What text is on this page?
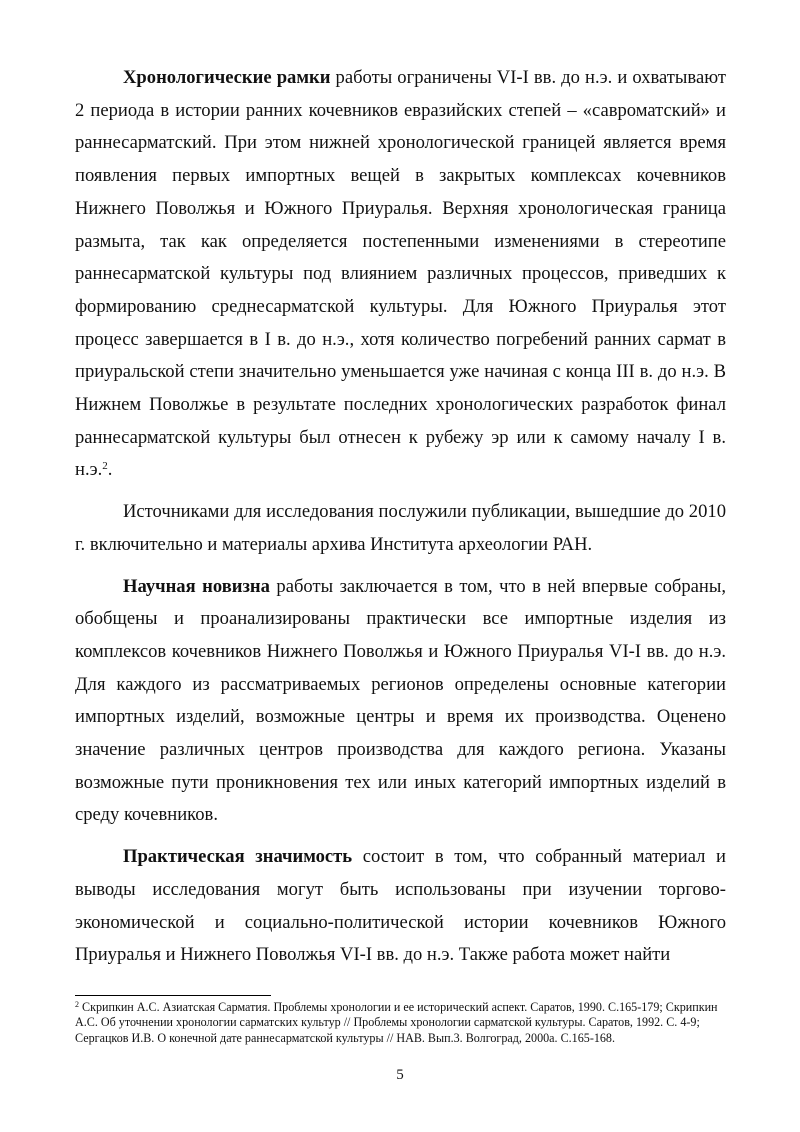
Хронологические рамки работы ограничены VI-I вв. до н.э. и охватывают 2 периода в истории ранних кочевников евразийских степей – «савроматский» и раннесарматский. При этом нижней хронологической границей является время появления первых импортных вещей в закрытых комплексах кочевников Нижнего Поволжья и Южного Приуралья. Верхняя хронологическая граница размыта, так как определяется постепенными изменениями в стереотипе раннесарматской культуры под влиянием различных процессов, приведших к формированию среднесарматской культуры. Для Южного Приуралья этот процесс завершается в I в. до н.э., хотя количество погребений ранних сармат в приуральской степи значительно уменьшается уже начиная с конца III в. до н.э. В Нижнем Поволжье в результате последних хронологических разработок финал раннесарматской культуры был отнесен к рубежу эр или к самому началу I в. н.э.$^2$.

Источниками для исследования послужили публикации, вышедшие до 2010 г. включительно и материалы архива Института археологии РАН.

Научная новизна работы заключается в том, что в ней впервые собраны, обобщены и проанализированы практически все импортные изделия из комплексов кочевников Нижнего Поволжья и Южного Приуралья VI-I вв. до н.э. Для каждого из рассматриваемых регионов определены основные категории импортных изделий, возможные центры и время их производства. Оценено значение различных центров производства для каждого региона. Указаны возможные пути проникновения тех или иных категорий импортных изделий в среду кочевников.

Практическая значимость состоит в том, что собранный материал и выводы исследования могут быть использованы при изучении торгово-экономической и социально-политической истории кочевников Южного Приуралья и Нижнего Поволжья VI-I вв. до н.э. Также работа может найти

$^2$ Скрипкин А.С. Азиатская Сарматия. Проблемы хронологии и ее исторический аспект. Саратов, 1990. С.165-179; Скрипкин А.С. Об уточнении хронологии сарматских культур // Проблемы хронологии сарматской культуры. Саратов, 1992. С. 4-9; Сергацков И.В. О конечной дате раннесарматской культуры // НАВ. Вып.3. Волгоград, 2000а. С.165-168.
5
